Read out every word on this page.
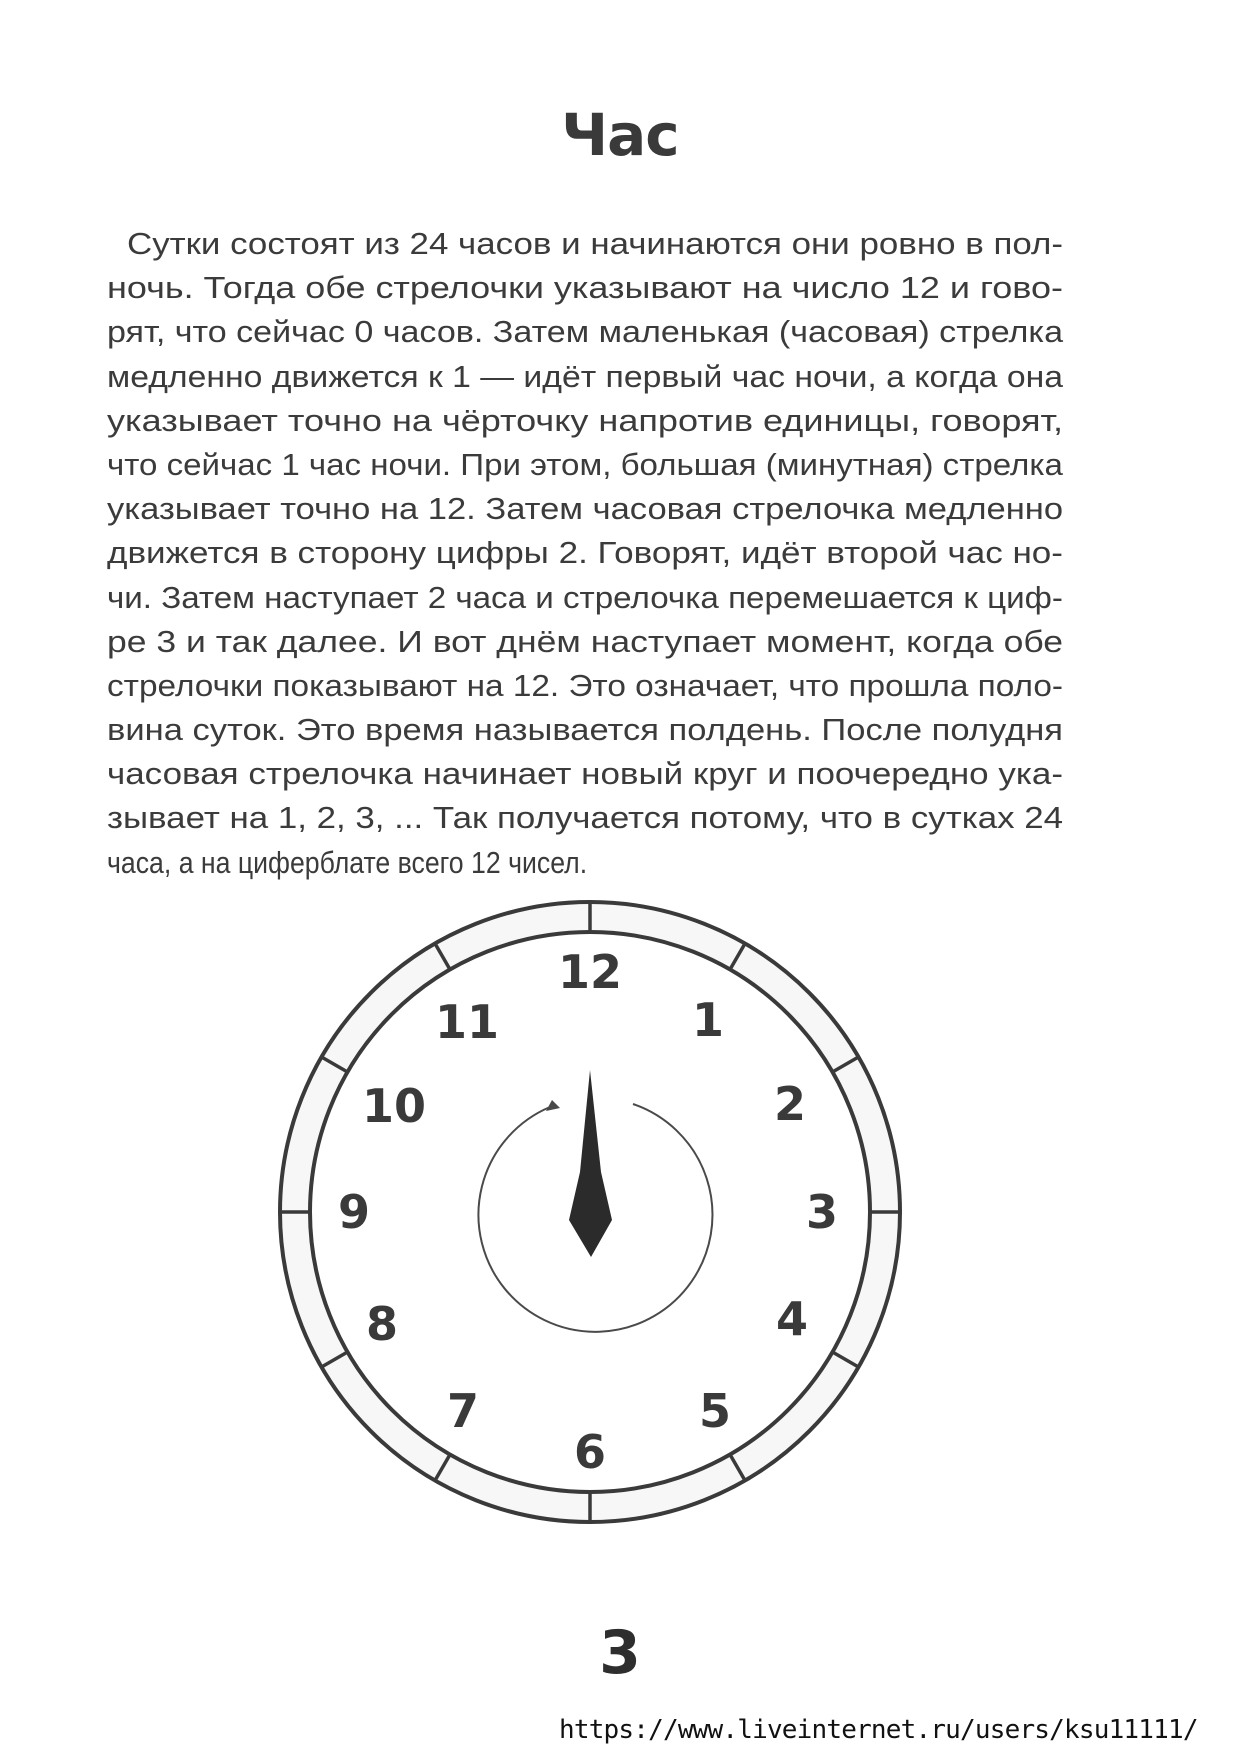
Час
Сутки состоят из 24 часов и начинаются они ровно в пол-
ночь. Тогда обе стрелочки указывают на число 12 и гово-
рят, что сейчас 0 часов. Затем маленькая (часовая) стрелка
медленно движется к 1 — идёт первый час ночи, а когда она
указывает точно на чёрточку напротив единицы, говорят,
что сейчас 1 час ночи. При этом, большая (минутная) стрелка
указывает точно на 12. Затем часовая стрелочка медленно
движется в сторону цифры 2. Говорят, идёт второй час но-
чи. Затем наступает 2 часа и стрелочка перемешается к циф-
ре 3 и так далее. И вот днём наступает момент, когда обе
стрелочки показывают на 12. Это означает, что прошла поло-
вина суток. Это время называется полдень. После полудня
часовая стрелочка начинает новый круг и поочередно ука-
зывает на 1, 2, 3, ... Так получается потому, что в сутках 24
часа, а на циферблате всего 12 чисел.
12
1
2
3
4
5
6
7
8
9
10
11
3
https://www.liveinternet.ru/users/ksu11111/
